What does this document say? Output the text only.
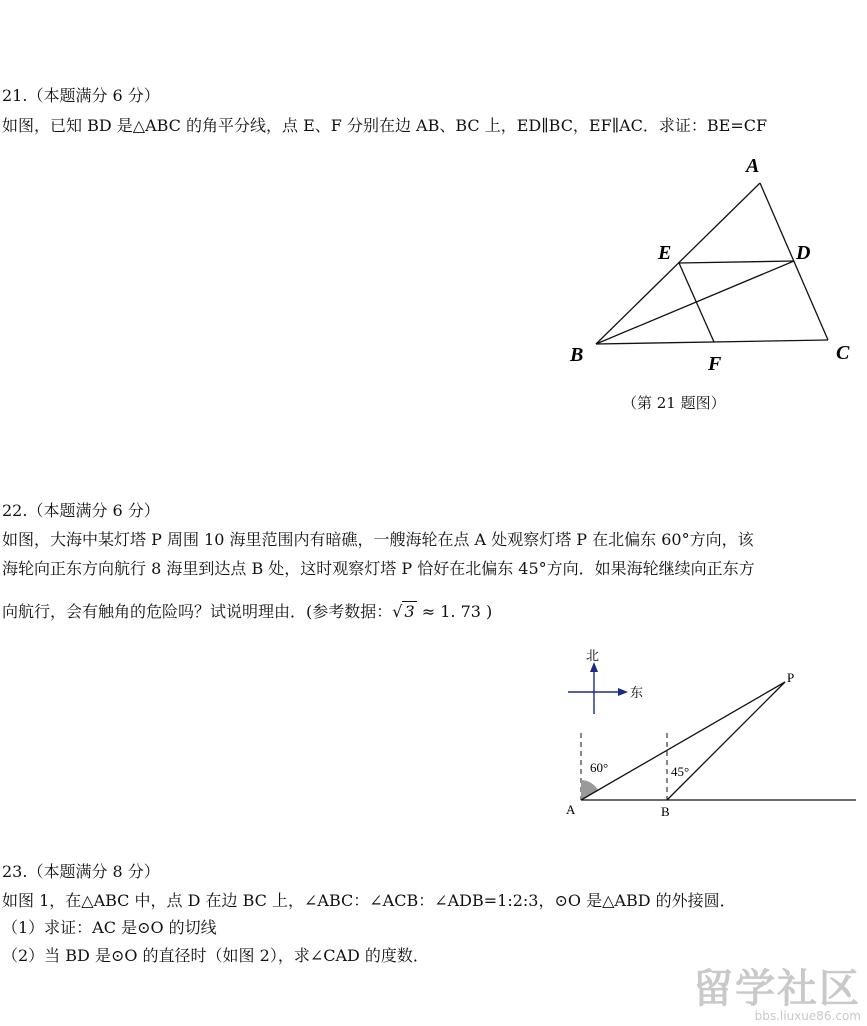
21.（本题满分 6 分）
如图，已知 BD 是△ABC 的角平分线，点 E、F 分别在边 AB、BC 上，ED∥BC，EF∥AC．求证：BE=CF
A
E	D
B	F	C
（第 21 题图）
22.（本题满分 6 分）
如图，大海中某灯塔 P 周围 10 海里范围内有暗礁，一艘海轮在点 A 处观察灯塔 P 在北偏东 60°方向，该
海轮向正东方向航行 8 海里到达点 B 处，这时观察灯塔 P 恰好在北偏东 45°方向．如果海轮继续向正东方
向航行，会有触角的危险吗？试说明理由．(参考数据：√ 3 ≈ 1. 73 )
北
东
60°	45°
A	B
P
23.（本题满分 8 分）
如图 1，在△ABC 中，点 D 在边 BC 上，∠ABC：∠ACB：∠ADB=1:2:3，⊙O 是△ABD 的外接圆．
（1）求证：AC 是⊙O 的切线
（2）当 BD 是⊙O 的直径时（如图 2），求∠CAD 的度数．
留学社区
bbs.liuxue86.com
